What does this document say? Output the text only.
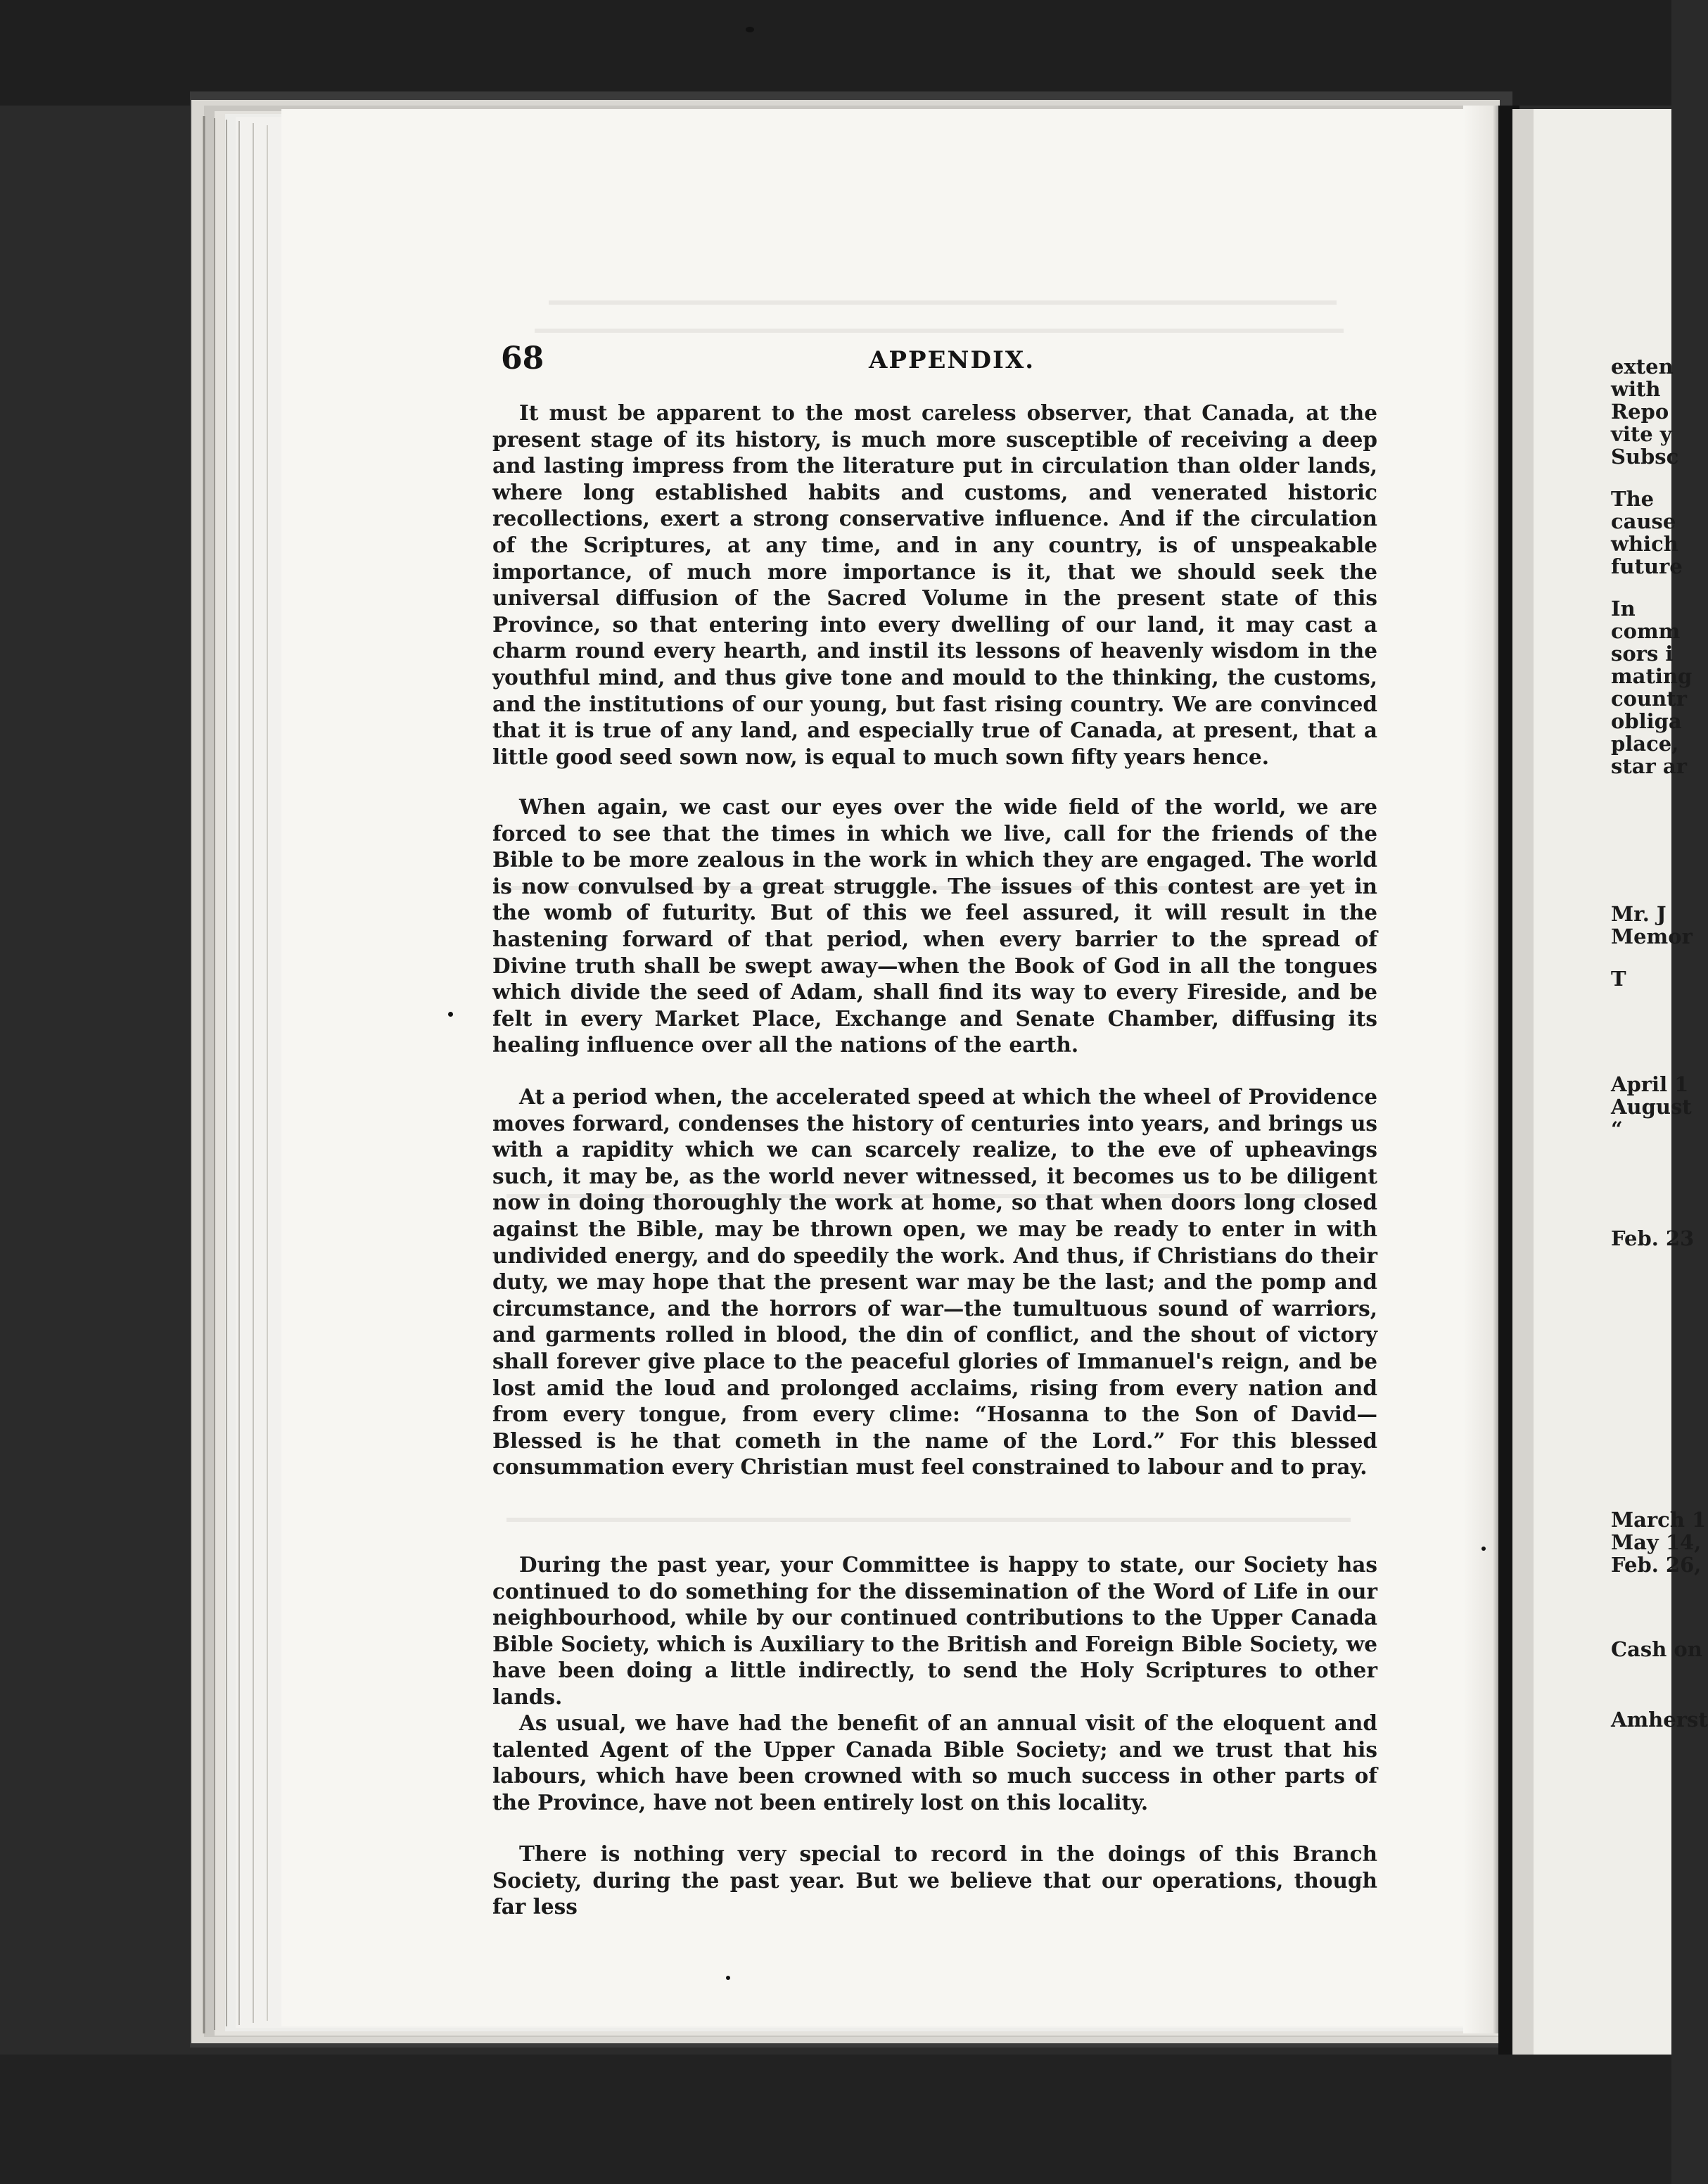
68	APPENDIX.

It must be apparent to the most careless observer, that Canada, at the present stage of its history, is much more susceptible of receiving a deep and lasting impress from the literature put in circulation than older lands, where long established habits and customs, and venerated historic recollections, exert a strong conservative influence. And if the circulation of the Scriptures, at any time, and in any country, is of unspeakable importance, of much more importance is it, that we should seek the universal diffusion of the Sacred Volume in the present state of this Province, so that entering into every dwelling of our land, it may cast a charm round every hearth, and instil its lessons of heavenly wisdom in the youthful mind, and thus give tone and mould to the thinking, the customs, and the institutions of our young, but fast rising country. We are convinced that it is true of any land, and especially true of Canada, at present, that a little good seed sown now, is equal to much sown fifty years hence.

When again, we cast our eyes over the wide field of the world, we are forced to see that the times in which we live, call for the friends of the Bible to be more zealous in the work in which they are engaged. The world is now convulsed by a great struggle. The issues of this contest are yet in the womb of futurity. But of this we feel assured, it will result in the hastening forward of that period, when every barrier to the spread of Divine truth shall be swept away—when the Book of God in all the tongues which divide the seed of Adam, shall find its way to every Fireside, and be felt in every Market Place, Exchange and Senate Chamber, diffusing its healing influence over all the nations of the earth.

At a period when, the accelerated speed at which the wheel of Providence moves forward, condenses the history of centuries into years, and brings us with a rapidity which we can scarcely realize, to the eve of upheavings such, it may be, as the world never witnessed, it becomes us to be diligent now in doing thoroughly the work at home, so that when doors long closed against the Bible, may be thrown open, we may be ready to enter in with undivided energy, and do speedily the work. And thus, if Christians do their duty, we may hope that the present war may be the last; and the pomp and circumstance, and the horrors of war—the tumultuous sound of warriors, and garments rolled in blood, the din of conflict, and the shout of victory shall forever give place to the peaceful glories of Immanuel's reign, and be lost amid the loud and prolonged acclaims, rising from every nation and from every tongue, from every clime: “Hosanna to the Son of David—Blessed is he that cometh in the name of the Lord.” For this blessed consummation every Christian must feel constrained to labour and to pray.

During the past year, your Committee is happy to state, our Society has continued to do something for the dissemination of the Word of Life in our neighbourhood, while by our continued contributions to the Upper Canada Bible Society, which is Auxiliary to the British and Foreign Bible Society, we have been doing a little indirectly, to send the Holy Scriptures to other lands.

As usual, we have had the benefit of an annual visit of the eloquent and talented Agent of the Upper Canada Bible Society; and we trust that his labours, which have been crowned with so much success in other parts of the Province, have not been entirely lost on this locality.

There is nothing very special to record in the doings of this Branch Society, during the past year. But we believe that our operations, though far less

exten
with
Repo
vite y
Subsc
The
cause
which
future
In
comm
sors i
mating
countr
obliga
place,
star ar
Mr. J
Memor
T
April 1
August
“
Feb. 23
March 1
May 14,
Feb. 26,
Cash on
Amherst
